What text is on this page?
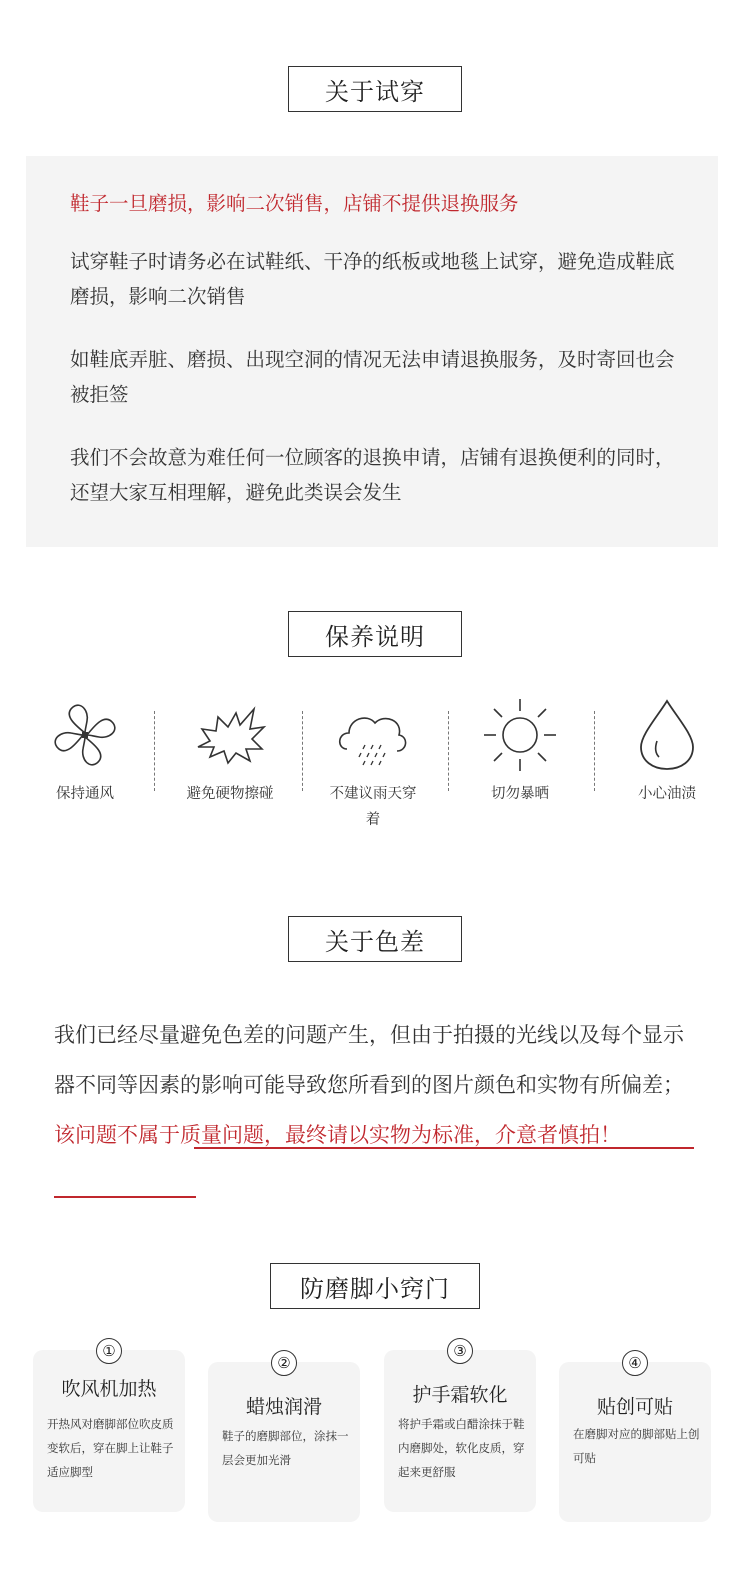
关于试穿

鞋子一旦磨损，影响二次销售，店铺不提供退换服务

试穿鞋子时请务必在试鞋纸、干净的纸板或地毯上试穿，避免造成鞋底磨损，影响二次销售

如鞋底弄脏、磨损、出现空洞的情况无法申请退换服务，及时寄回也会被拒签

我们不会故意为难任何一位顾客的退换申请，店铺有退换便利的同时，还望大家互相理解，避免此类误会发生

保养说明
保持通风	避免硬物擦碰	不建议雨天穿着
切勿暴晒	小心油渍
关于色差
我们已经尽量避免色差的问题产生，但由于拍摄的光线以及每个显示器不同等因素的影响可能导致您所看到的图片颜色和实物有所偏差；该问题不属于质量问题，最终请以实物为标准，介意者慎拍！
防磨脚小窍门
①
吹风机加热
开热风对磨脚部位吹皮质变软后，穿在脚上让鞋子适应脚型
②
蜡烛润滑
鞋子的磨脚部位，涂抹一层会更加光滑
③
护手霜软化
将护手霜或白醋涂抹于鞋内磨脚处，软化皮质，穿起来更舒服
④
贴创可贴
在磨脚对应的脚部贴上创可贴
